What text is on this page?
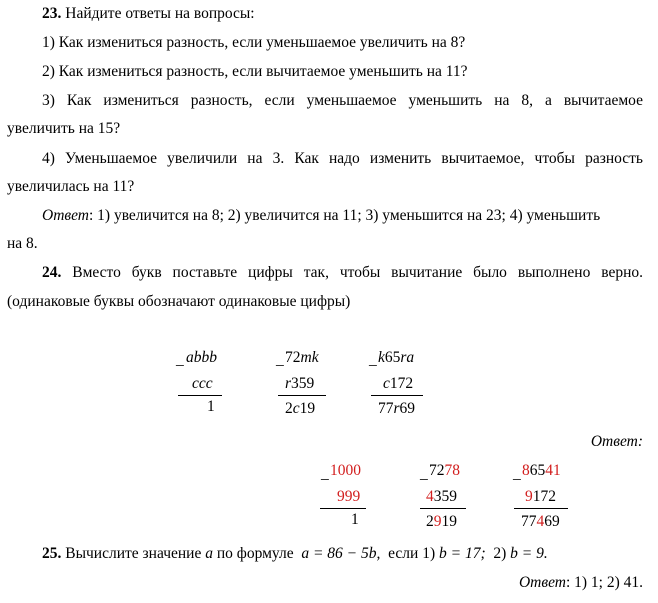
23. Найдите ответы на вопросы:
1) Как измениться разность, если уменьшаемое увеличить на 8?
2) Как измениться разность, если вычитаемое уменьшить на 11?
3) Как измениться разность, если уменьшаемое уменьшить на 8, а вычитаемое
увеличить на 15?
4) Уменьшаемое увеличили на 3. Как надо изменить вычитаемое, чтобы разность
увеличилась на 11?
Ответ: 1) увеличится на 8; 2) увеличится на 11; 3) уменьшится на 23; 4) уменьшить
на 8.
24. Вместо букв поставьте цифры так, чтобы вычитание было выполнено верно.
(одинаковые буквы обозначают одинаковые цифры)
_ abbb
ccc
1
_ 72mk
r359
2c19
_ k65ra
c172
77r69
Ответ:
_ 1000
999
1
_ 7278
4359
2919
_ 86541
9172
77469
25. Вычислите значение a по формуле a = 86 − 5b, если 1) b = 17; 2) b = 9.
Ответ: 1) 1; 2) 41.
